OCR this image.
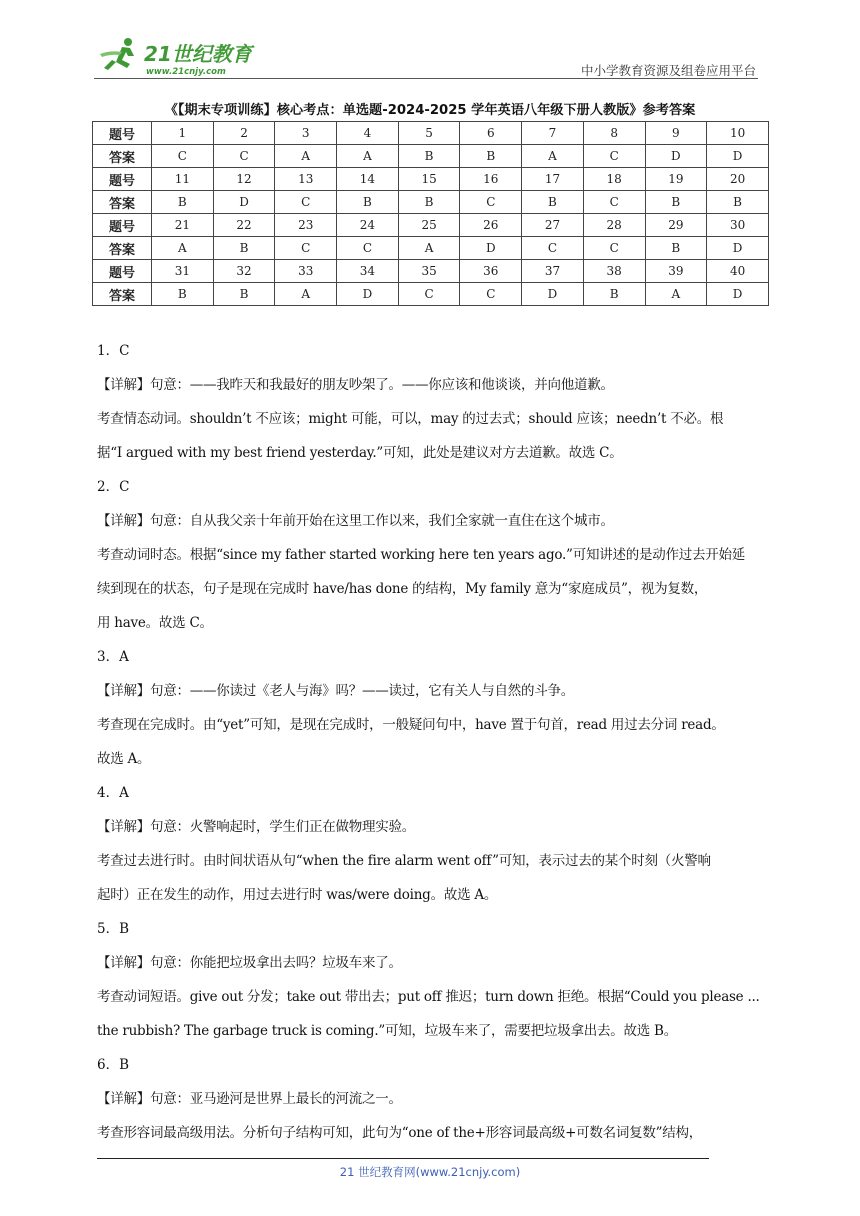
21世纪教育
www.21cnjy.com	中小学教育资源及组卷应用平台
《【期末专项训练】核心考点：单选题-2024-2025 学年英语八年级下册人教版》参考答案
题号	1	2	3	4	5	6	7	8	9	10
答案	C	C	A	A	B	B	A	C	D	D
题号	11	12	13	14	15	16	17	18	19	20
答案	B	D	C	B	B	C	B	C	B	B
题号	21	22	23	24	25	26	27	28	29	30
答案	A	B	C	C	A	D	C	C	B	D
题号	31	32	33	34	35	36	37	38	39	40
答案	B	B	A	D	C	C	D	B	A	D

1．C

【详解】句意：——我昨天和我最好的朋友吵架了。——你应该和他谈谈，并向他道歉。

考查情态动词。shouldn’t 不应该；might 可能，可以，may 的过去式；should 应该；needn’t 不必。根

据“I argued with my best friend yesterday.”可知，此处是建议对方去道歉。故选 C。

2．C

【详解】句意：自从我父亲十年前开始在这里工作以来，我们全家就一直住在这个城市。

考查动词时态。根据“since my father started working here ten years ago.”可知讲述的是动作过去开始延

续到现在的状态，句子是现在完成时 have/has done 的结构，My family 意为“家庭成员”，视为复数，

用 have。故选 C。

3．A

【详解】句意：——你读过《老人与海》吗？——读过，它有关人与自然的斗争。

考查现在完成时。由“yet”可知，是现在完成时，一般疑问句中，have 置于句首，read 用过去分词 read。

故选 A。

4．A

【详解】句意：火警响起时，学生们正在做物理实验。

考查过去进行时。由时间状语从句“when the fire alarm went off”可知，表示过去的某个时刻（火警响

起时）正在发生的动作，用过去进行时 was/were doing。故选 A。

5．B

【详解】句意：你能把垃圾拿出去吗？垃圾车来了。

考查动词短语。give out 分发；take out 带出去；put off 推迟；turn down 拒绝。根据“Could you please ...

the rubbish? The garbage truck is coming.”可知，垃圾车来了，需要把垃圾拿出去。故选 B。

6．B

【详解】句意：亚马逊河是世界上最长的河流之一。

考查形容词最高级用法。分析句子结构可知，此句为“one of the+形容词最高级+可数名词复数”结构，

21 世纪教育网(www.21cnjy.com)
